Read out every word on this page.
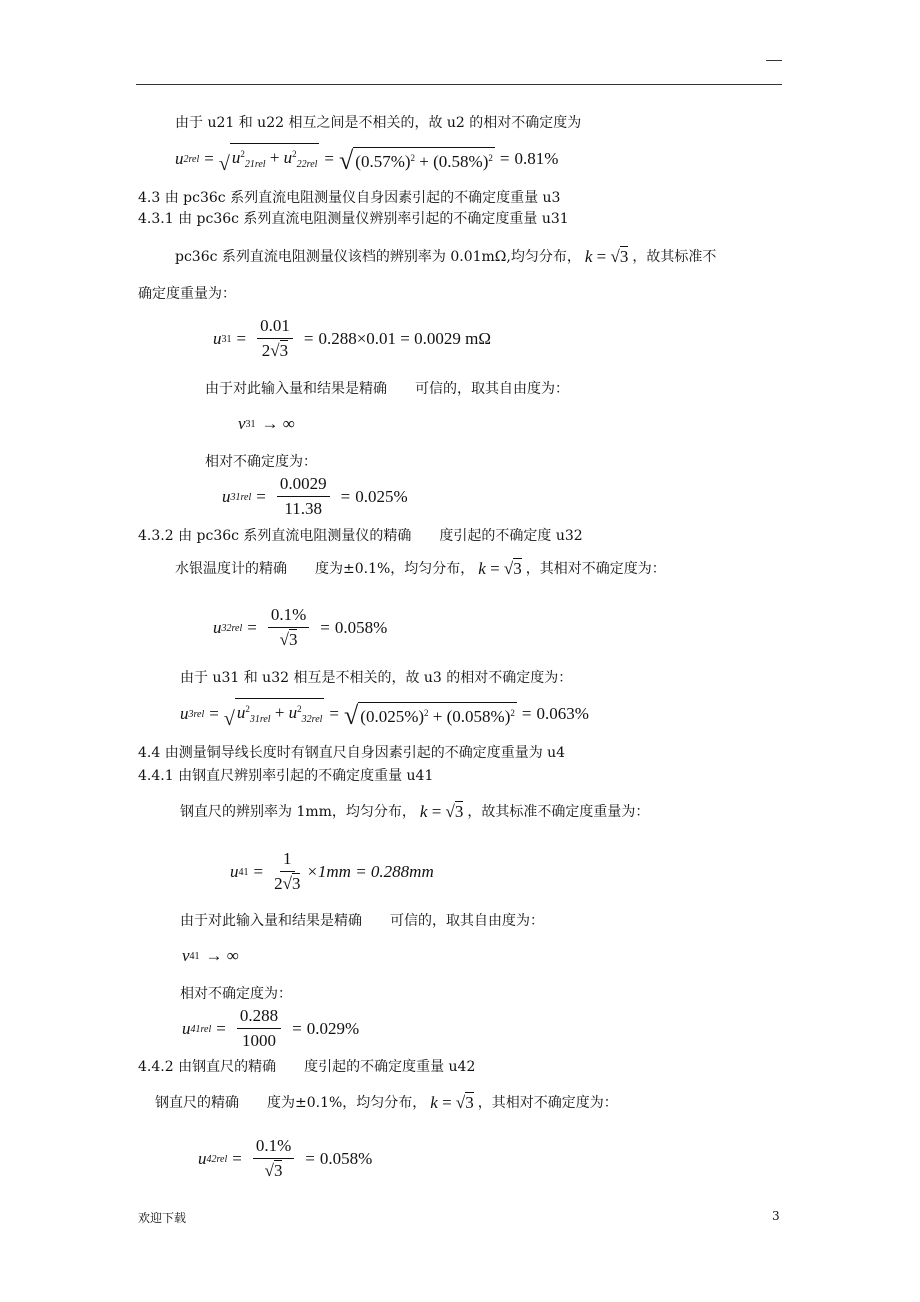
由于 u21 和 u22 相互之间是不相关的，故 u2 的相对不确定度为
u 2rel = √ $u^2_{21rel} + u^2_{22rel}$ = √ $(0.57\%)^2 + (0.58\%)^2 = 0.81\%$
4.3 由 pc36c 系列直流电阻测量仪自身因素引起的不确定度重量 u3
4.3.1 由 pc36c 系列直流电阻测量仪辨别率引起的不确定度重量 u31
pc36c 系列直流电阻测量仪该档的辨别率为 0.01mΩ,均匀分布， k = √3 ，故其标准不
确定度重量为：
u $31 = \frac{0.01}{2√3} = 0.288\times 0.01 = 0.0029$ mΩ
由于对此输入量和结果是精确　　可信的，取其自由度为：
v 31 → ∞
相对不确定度为：
u $31rel = \frac{0.0029}{11.38} = 0.025\%$
4.3.2 由 pc36c 系列直流电阻测量仪的精确　　度引起的不确定度 u32
水银温度计的精确　　度为±0.1%，均匀分布， k = √3 ，其相对不确定度为：
u $32rel = \frac{0.1\%}{√3} = 0.058\%$
由于 u31 和 u32 相互是不相关的，故 u3 的相对不确定度为：
u 3rel = √ $u^2_{31rel} + u^2_{32rel}$ = √ $(0.025\%)^2 + (0.058\%)^2 = 0.063\%$
4.4 由测量铜导线长度时有钢直尺自身因素引起的不确定度重量为 u4
4.4.1 由钢直尺辨别率引起的不确定度重量 u41
钢直尺的辨别率为 1mm，均匀分布， k = √3 ，故其标准不确定度重量为：
u $41 = \frac{1}{2√3} \times 1mm = 0.288mm$
由于对此输入量和结果是精确　　可信的，取其自由度为：
v 41 → ∞
相对不确定度为：
u $41rel = \frac{0.288}{1000} = 0.029\%$
4.4.2 由钢直尺的精确　　度引起的不确定度重量 u42
钢直尺的精确　　度为±0.1%，均匀分布， k = √3 ，其相对不确定度为：
u $42rel = \frac{0.1\%}{√3} = 0.058\%$
欢迎下载	3
